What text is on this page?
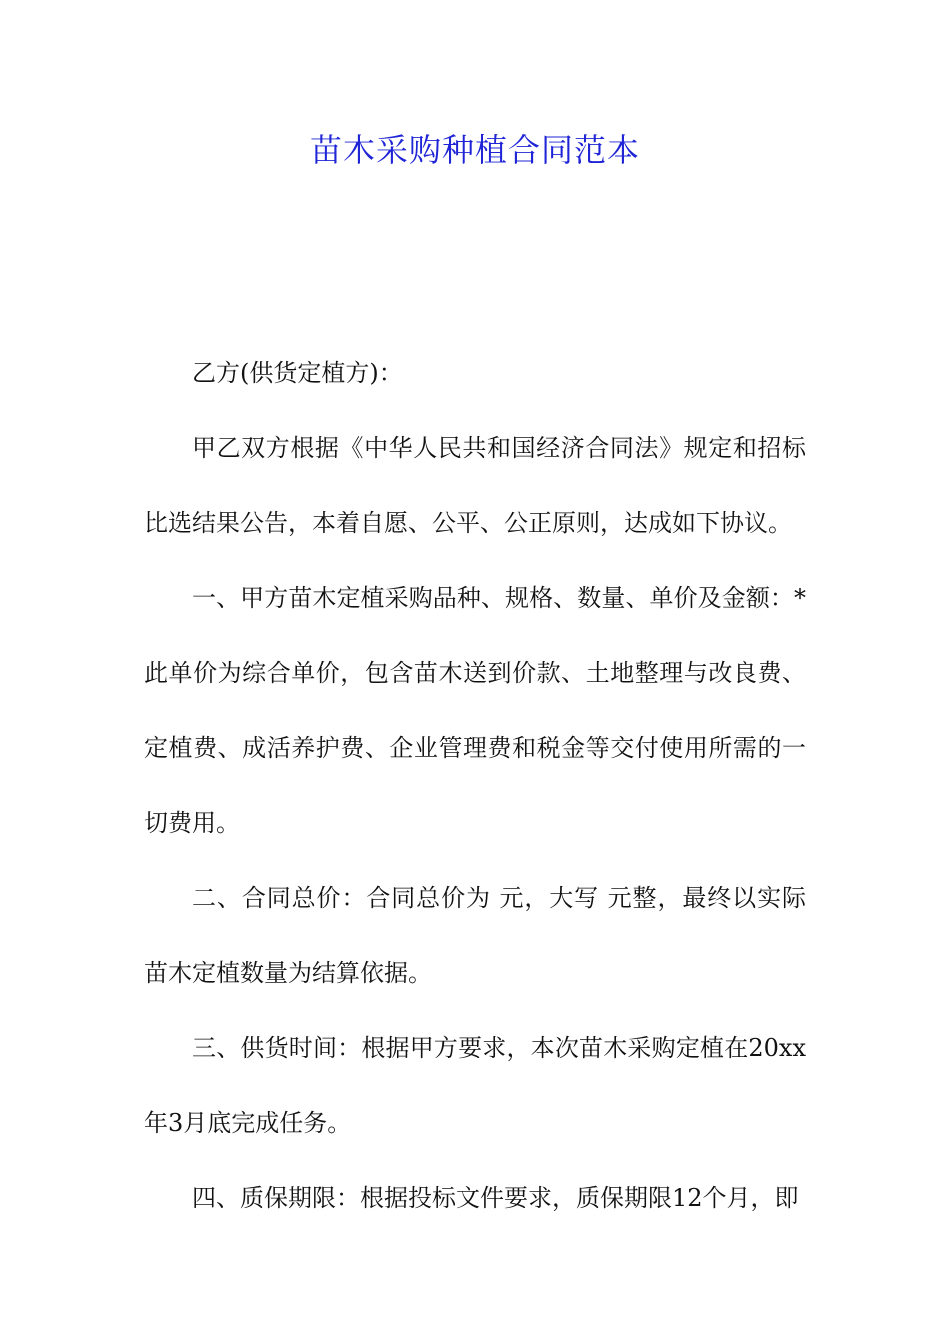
苗木采购种植合同范本

乙方(供货定植方)：

甲乙双方根据《中华人民共和国经济合同法》规定和招标比选结果公告，本着自愿、公平、公正原则，达成如下协议。

一、甲方苗木定植采购品种、规格、数量、单价及金额：*此单价为综合单价，包含苗木送到价款、土地整理与改良费、定植费、成活养护费、企业管理费和税金等交付使用所需的一切费用。

二、合同总价：合同总价为 元，大写 元整，最终以实际苗木定植数量为结算依据。

三、供货时间：根据甲方要求，本次苗木采购定植在20xx年3月底完成任务。

四、质保期限：根据投标文件要求，质保期限12个月，即
